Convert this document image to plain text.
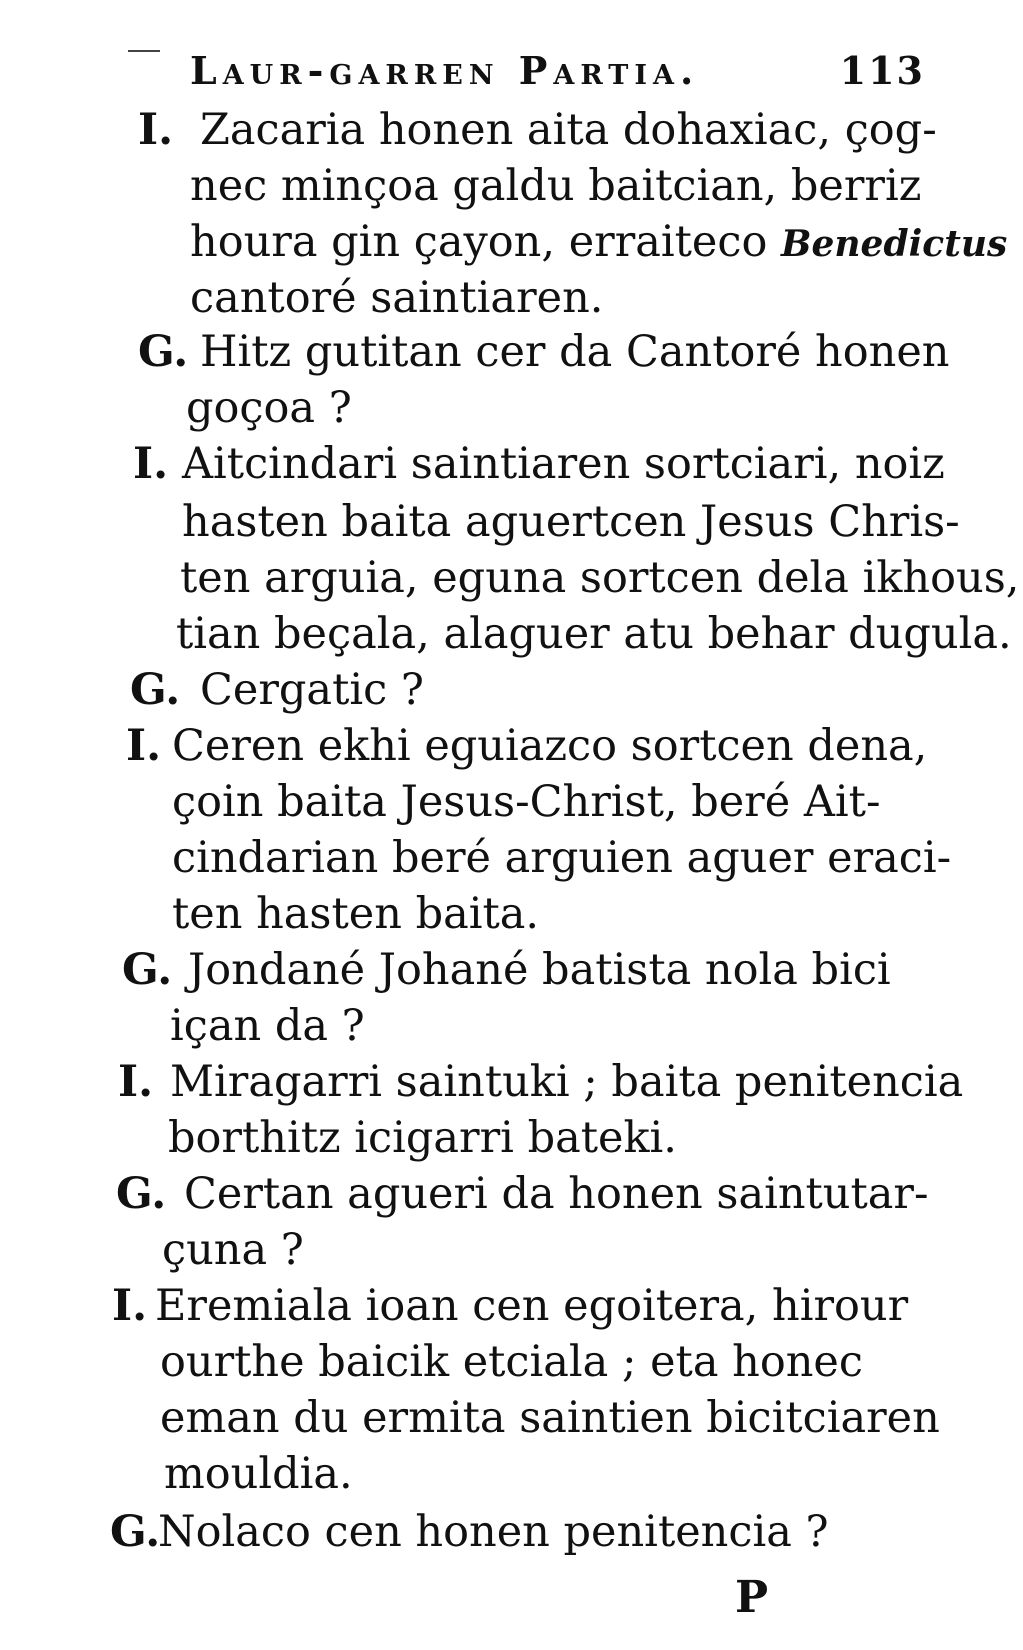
Laur-garren Partia.	113
I. Zacaria honen aita dohaxiac, çog-
nec minçoa galdu baitcian, berriz
houra gin çayon, erraiteco Benedictus
cantoré saintiaren.
G. Hitz gutitan cer da Cantoré honen
goçoa ?
I. Aitcindari saintiaren sortciari, noiz
hasten baita aguertcen Jesus Chris-
ten arguia, eguna sortcen dela ikhous,
tian beçala, alaguer atu behar dugula.
G. Cergatic ?
I. Ceren ekhi eguiazco sortcen dena,
çoin baita Jesus-Christ, beré Ait-
cindarian beré arguien aguer eraci-
ten hasten baita.
G. Jondané Johané batista nola bici
içan da ?
I. Miragarri saintuki ; baita penitencia
borthitz icigarri bateki.
G. Certan agueri da honen saintutar-
çuna ?
I. Eremiala ioan cen egoitera, hirour
ourthe baicik etciala ; eta honec
eman du ermita saintien bicitciaren
mouldia.
G.
Nolaco cen honen penitencia ?
P
